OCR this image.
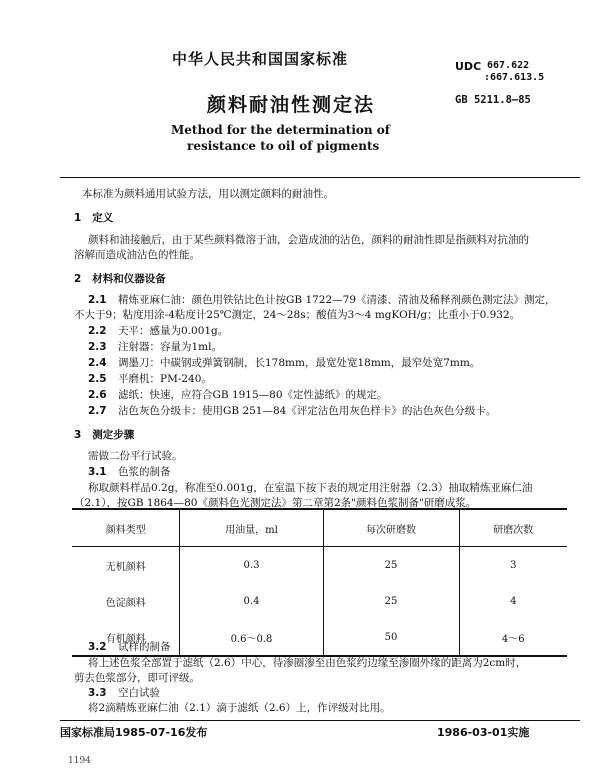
中华人民共和国国家标准	UDC 667.622
:667.613.5
颜料耐油性测定法	GB 5211.8—85
Method for the determination of
resistance to oil of pigments
本标准为颜料通用试验方法，用以测定颜料的耐油性。
1 定义
颜料和油接触后，由于某些颜料微溶于油，会造成油的沾色，颜料的耐油性即是指颜料对抗油的
溶解而造成油沾色的性能。
2 材料和仪器设备
2.1 精炼亚麻仁油：颜色用铁钴比色计按GB 1722—79《清漆、清油及稀释剂颜色测定法》测定，
不大于9；粘度用涂-4粘度计25℃测定，24～28s；酸值为3～4 mgKOH/g；比重小于0.932。
2.2 天平：感量为0.001g。
2.3 注射器：容量为1ml。
2.4 调墨刀：中碳钢或弹簧钢制，长178mm，最宽处宽18mm，最窄处宽7mm。
2.5 平磨机：PM-240。
2.6 滤纸：快速，应符合GB 1915—80《定性滤纸》的规定。
2.7 沾色灰色分级卡：使用GB 251—84《评定沾色用灰色样卡》的沾色灰色分级卡。
3 测定步骤
需做二份平行试验。
3.1 色浆的制备
称取颜料样品0.2g，称准至0.001g，在室温下按下表的规定用注射器（2.3）抽取精炼亚麻仁油
（2.1），按GB 1864—80《颜料色光测定法》第二章第2条"颜料色浆制备"研磨成浆。
颜料类型	用油量，ml	每次研磨数	研磨次数
无机颜料	0.3	25	3
色淀颜料	0.4	25	4
有机颜料	0.6～0.8	50	4～6
3.2 试样的制备
将上述色浆全部置于滤纸（2.6）中心，待渗圈渗至由色浆约边缘至渗圈外缘的距离为2cm时，
剪去色浆部分，即可评级。
3.3 空白试验
将2滴精炼亚麻仁油（2.1）滴于滤纸（2.6）上，作评级对比用。
国家标准局1985-07-16发布	1986-03-01实施
1194
